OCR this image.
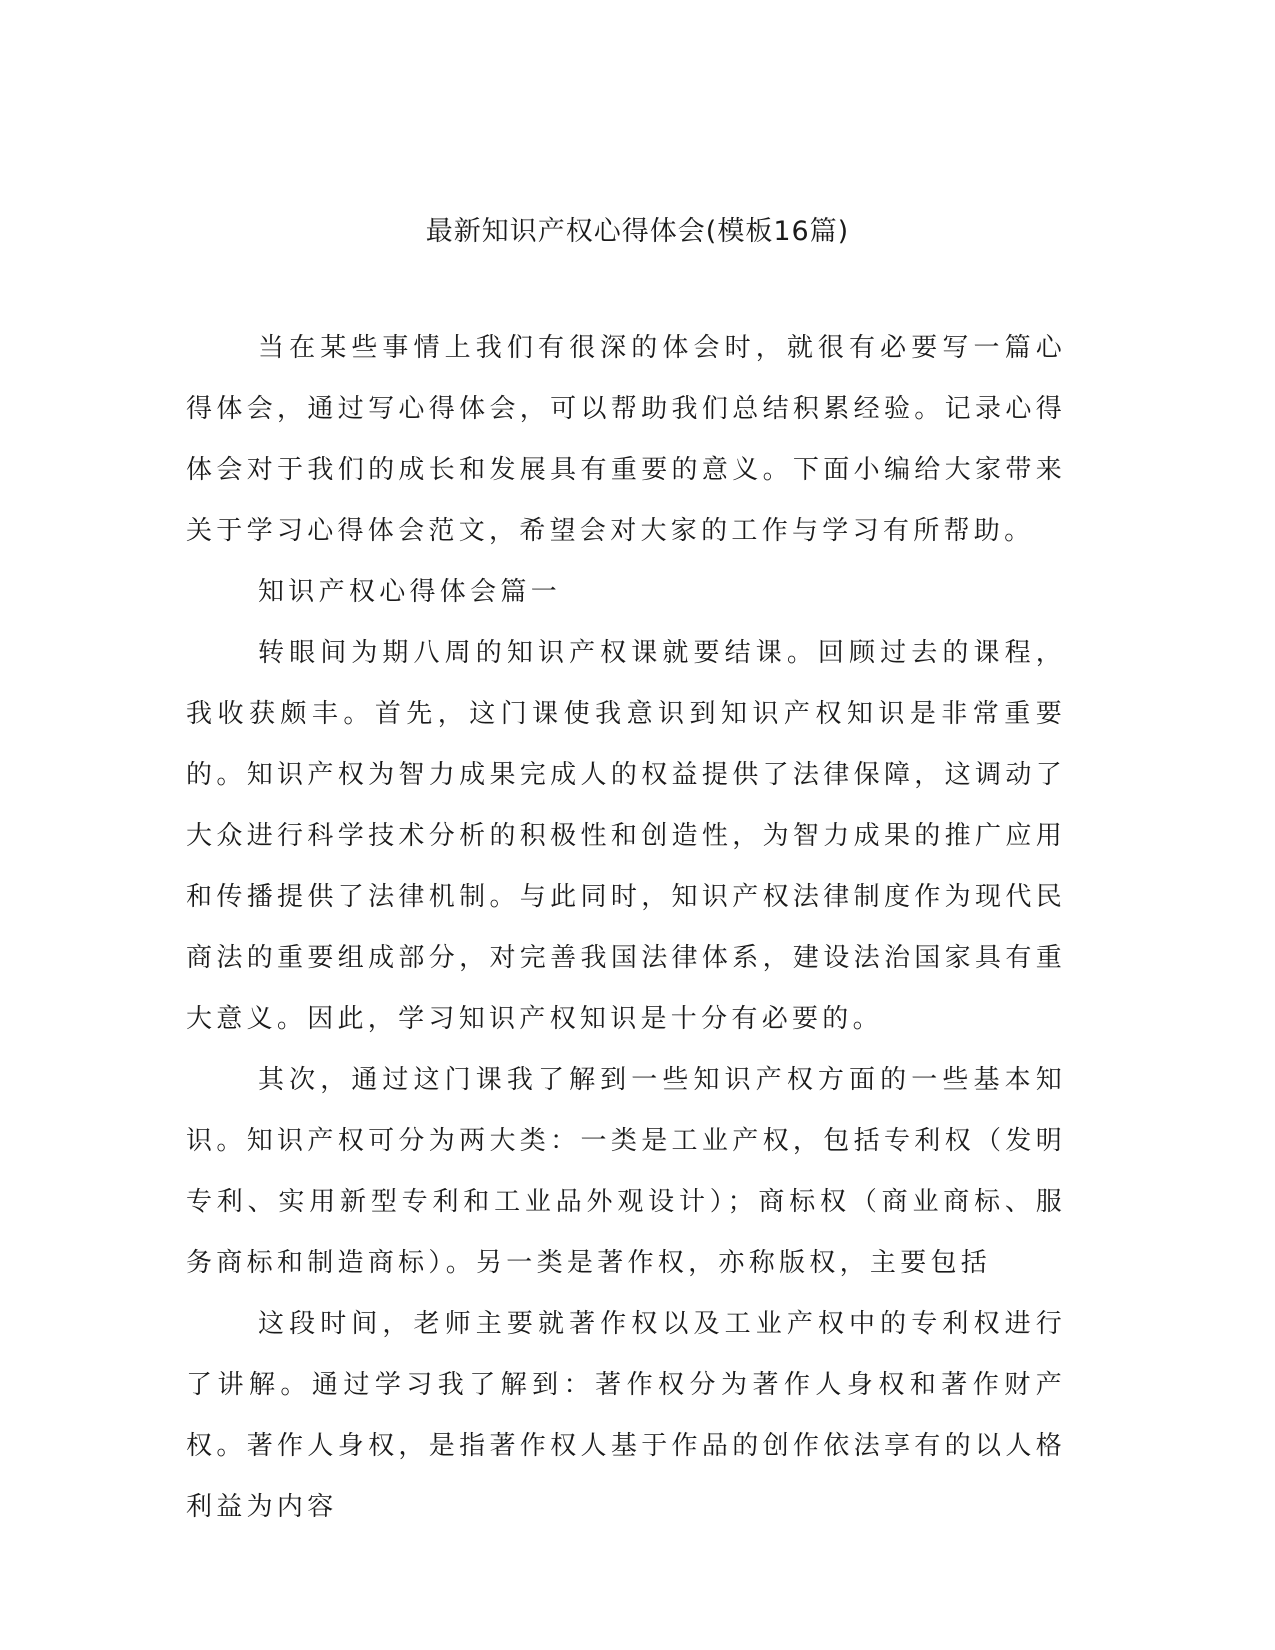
最新知识产权心得体会(模板16篇)

当在某些事情上我们有很深的体会时，就很有必要写一篇心得体会，通过写心得体会，可以帮助我们总结积累经验。记录心得体会对于我们的成长和发展具有重要的意义。下面小编给大家带来关于学习心得体会范文，希望会对大家的工作与学习有所帮助。

知识产权心得体会篇一

转眼间为期八周的知识产权课就要结课。回顾过去的课程，我收获颇丰。首先，这门课使我意识到知识产权知识是非常重要的。知识产权为智力成果完成人的权益提供了法律保障，这调动了大众进行科学技术分析的积极性和创造性，为智力成果的推广应用和传播提供了法律机制。与此同时，知识产权法律制度作为现代民商法的重要组成部分，对完善我国法律体系，建设法治国家具有重大意义。因此，学习知识产权知识是十分有必要的。

其次，通过这门课我了解到一些知识产权方面的一些基本知识。知识产权可分为两大类：一类是工业产权，包括专利权（发明专利、实用新型专利和工业品外观设计）；商标权（商业商标、服务商标和制造商标）。另一类是著作权，亦称版权，主要包括

这段时间，老师主要就著作权以及工业产权中的专利权进行了讲解。通过学习我了解到：著作权分为著作人身权和著作财产权。著作人身权，是指著作权人基于作品的创作依法享有的以人格利益为内容
